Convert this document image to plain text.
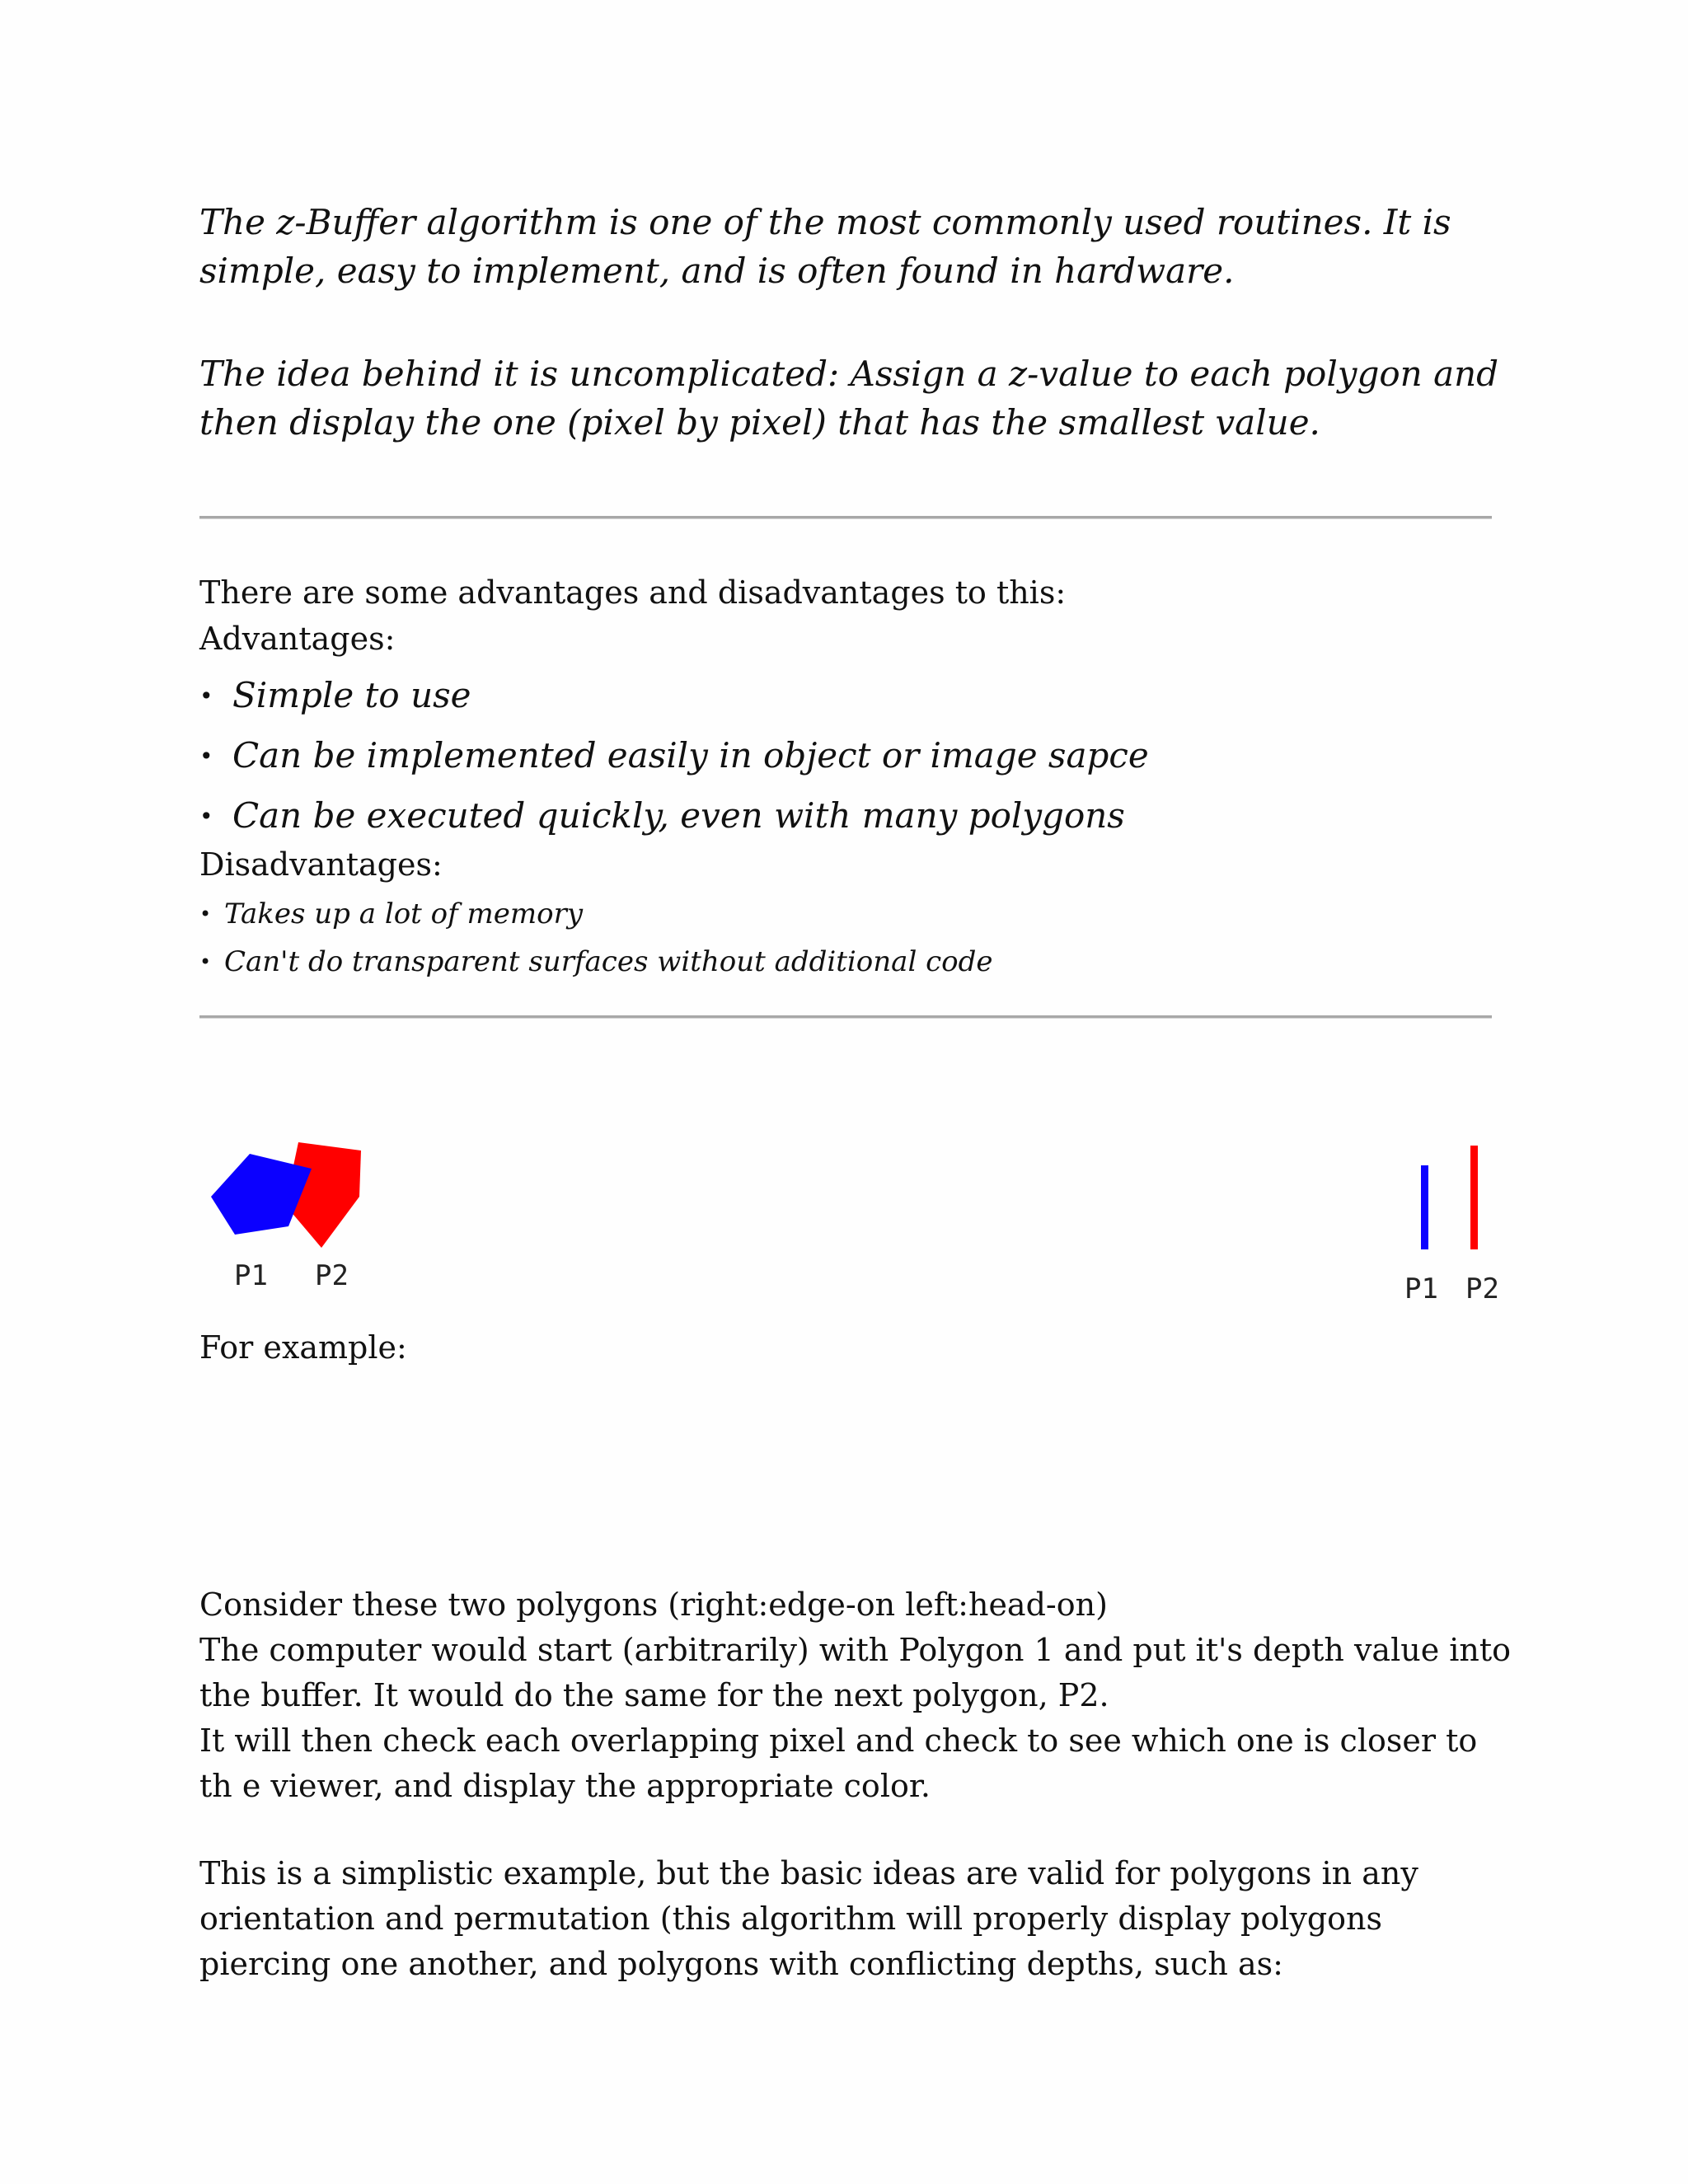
The z-Buffer algorithm is one of the most commonly used routines. It is simple, easy to implement, and is often found in hardware.

The idea behind it is uncomplicated: Assign a z-value to each polygon and then display the one (pixel by pixel) that has the smallest value.

There are some advantages and disadvantages to this:
Advantages:
• Simple to use
• Can be implemented easily in object or image sapce
• Can be executed quickly, even with many polygons
Disadvantages:
• Takes up a lot of memory
• Can't do transparent surfaces without additional code
P1 P2	P1 P2
For example:
Consider these two polygons (right:edge-on left:head-on)
The computer would start (arbitrarily) with Polygon 1 and put it's depth value into the buffer. It would do the same for the next polygon, P2.
It will then check each overlapping pixel and check to see which one is closer to th e viewer, and display the appropriate color.

This is a simplistic example, but the basic ideas are valid for polygons in any orientation and permutation (this algorithm will properly display polygons piercing one another, and polygons with conflicting depths, such as:
